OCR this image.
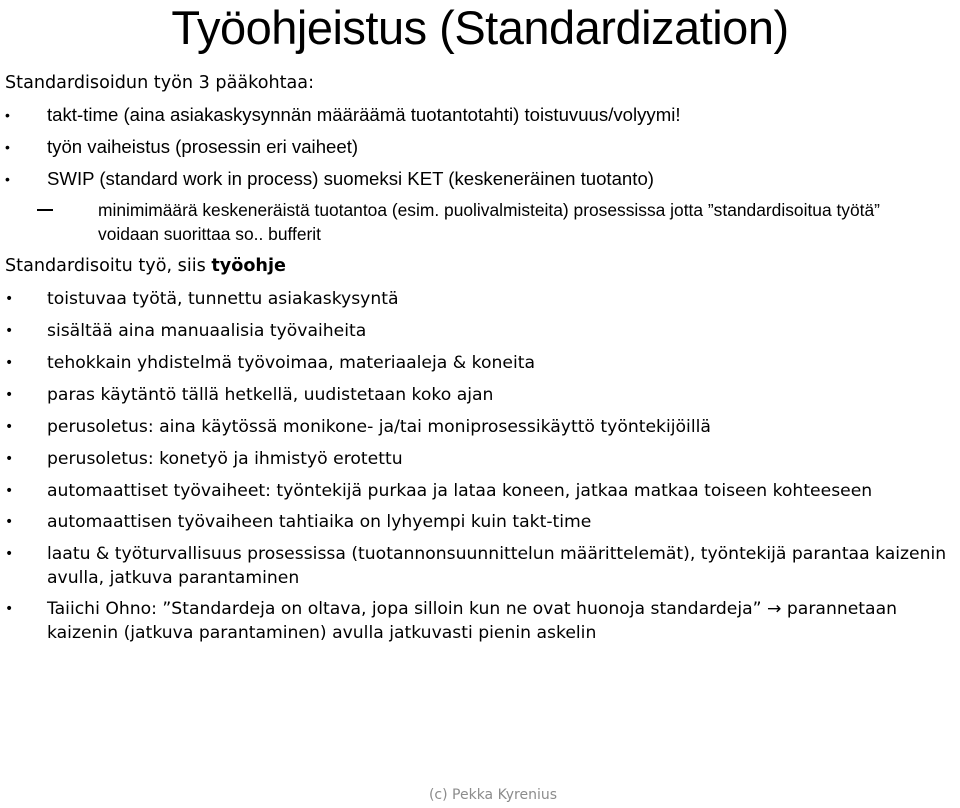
Työohjeistus (Standardization)
Standardisoidun työn 3 pääkohtaa:
•	takt-time (aina asiakaskysynnän määräämä tuotantotahti) toistuvuus/volyymi!
•	työn vaiheistus (prosessin eri vaiheet)
•	SWIP (standard work in process) suomeksi KET (keskeneräinen tuotanto)
minimimäärä keskeneräistä tuotantoa (esim. puolivalmisteita) prosessissa jotta ”standardisoitua työtä” voidaan suorittaa so.. bufferit
Standardisoitu työ, siis työohje
•	toistuvaa työtä, tunnettu asiakaskysyntä
•	sisältää aina manuaalisia työvaiheita
•	tehokkain yhdistelmä työvoimaa, materiaaleja & koneita
•	paras käytäntö tällä hetkellä, uudistetaan koko ajan
•	perusoletus: aina käytössä monikone- ja/tai moniprosessikäyttö työntekijöillä
•	perusoletus: konetyö ja ihmistyö erotettu
•	automaattiset työvaiheet: työntekijä purkaa ja lataa koneen, jatkaa matkaa toiseen kohteeseen
•	automaattisen työvaiheen tahtiaika on lyhyempi kuin takt-time
•	laatu & työturvallisuus prosessissa (tuotannonsuunnittelun määrittelemät), työntekijä parantaa kaizenin avulla, jatkuva parantaminen
•	Taiichi Ohno: ”Standardeja on oltava, jopa silloin kun ne ovat huonoja standardeja” → parannetaan kaizenin (jatkuva parantaminen) avulla jatkuvasti pienin askelin
(c) Pekka Kyrenius
